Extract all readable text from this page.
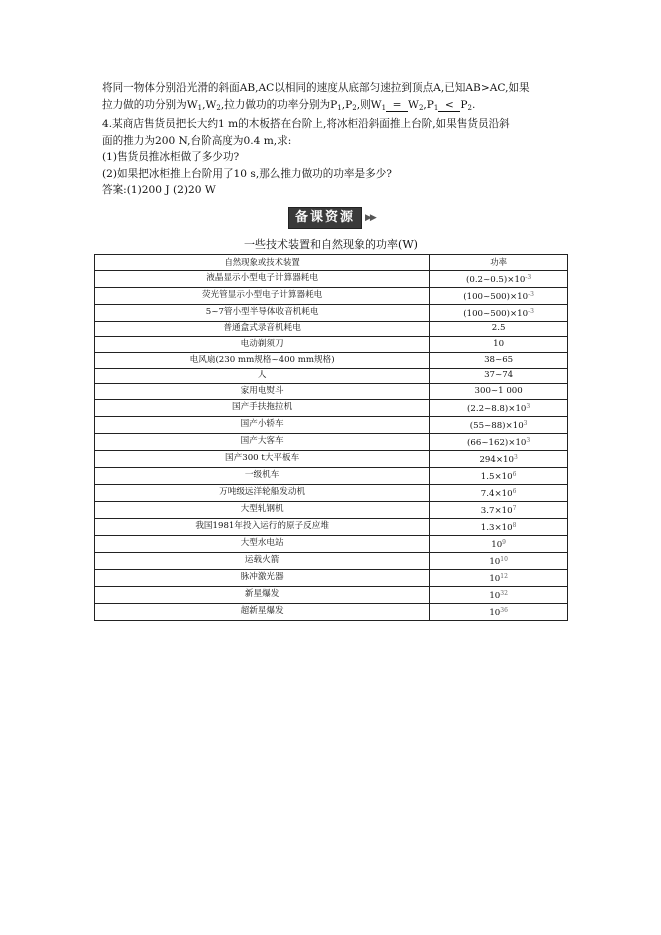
将同一物体分别沿光滑的斜面AB,AC以相同的速度从底部匀速拉到顶点A,已知AB>AC,如果

拉力做的功分别为$W_1,W_2$,拉力做功的功率分别为$P_1,P_2$,则$W_1 = W_2,P_1 < P_2$.

4.某商店售货员把长大约1 m的木板搭在台阶上,将冰柜沿斜面推上台阶,如果售货员沿斜

面的推力为200 N,台阶高度为0.4 m,求:

(1)售货员推冰柜做了多少功?

(2)如果把冰柜推上台阶用了10 s,那么推力做功的功率是多少?

答案:(1)200 J (2)20 W

备课资源	▶▶
一些技术装置和自然现象的功率(W)
自然现象或技术装置	功率
液晶显示小型电子计算器耗电	$(0.2\sim 0.5)\times 10^{-3}$
荧光管显示小型电子计算器耗电	$(100\sim 500)\times 10^{-3}$
5~7管小型半导体收音机耗电	$(100\sim 500)\times 10^{-3}$
普通盒式录音机耗电	2.5
电动剃须刀	10
电风扇(230 mm规格~400 mm规格)	38~65
人	37~74
家用电熨斗	300~1 000
国产手扶拖拉机	$(2.2\sim 8.8)\times 10^3$
国产小轿车	$(55\sim 88)\times 10^3$
国产大客车	$(66\sim 162)\times 10^3$
国产300 t大平板车	$294\times 10^3$
一级机车	$1.5\times 10^6$
万吨级远洋轮船发动机	$7.4\times 10^6$
大型轧钢机	$3.7\times 10^7$
我国1981年投入运行的原子反应堆	$1.3\times 10^8$
大型水电站	$10^9$
运载火箭	$10^{10}$
脉冲激光器	$10^{12}$
新星爆发	$10^{32}$
超新星爆发	$10^{36}$
